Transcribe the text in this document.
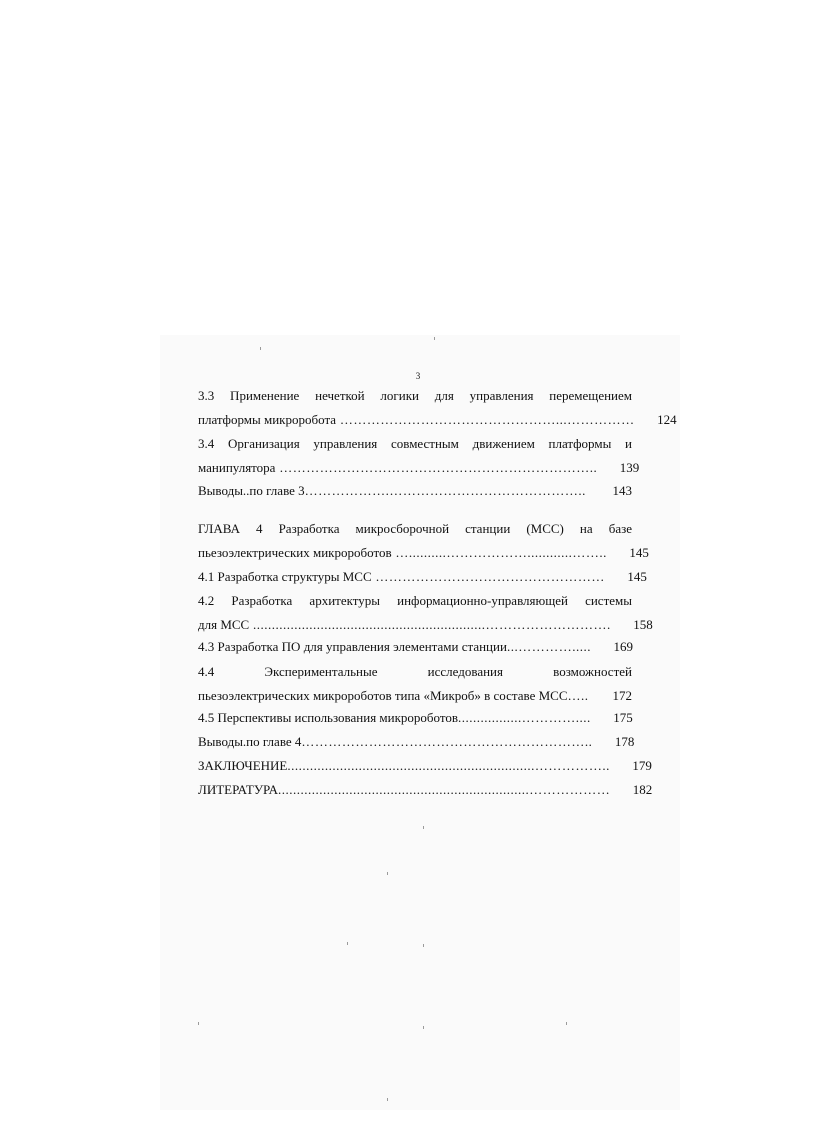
3
3.3 Применение нечеткой логики для управления перемещением
платформы микроробота …………………………………………...…………… 124
3.4 Организация управления совместным движением платформы и
манипулятора …………………………………………………………….. 139
Выводы..по главе 3……………….……………………………………..	143
ГЛАВА 4 Разработка микросборочной станции (МСС) на базе
пьезоэлектрических микророботов …..........………………............…….. 145
4.1 Разработка структуры МСС …………………………………………… 145
4.2 Разработка архитектуры информационно-управляющей системы
для МСС ..............................................................………………………. 158
4.3 Разработка ПО для управления элементами станции...…………..... 169
4.4 Экспериментальные исследования возможностей
пьезоэлектрических микророботов типа «Микроб» в составе МСС….. 172
4.5 Перспективы использования микророботов.................………….... 175
Выводы.по главе 4……………………………………………………….. 178
ЗАКЛЮЧЕНИЕ..................................................................…………….. 179
ЛИТЕРАТУРА...................................................................……………… 182
